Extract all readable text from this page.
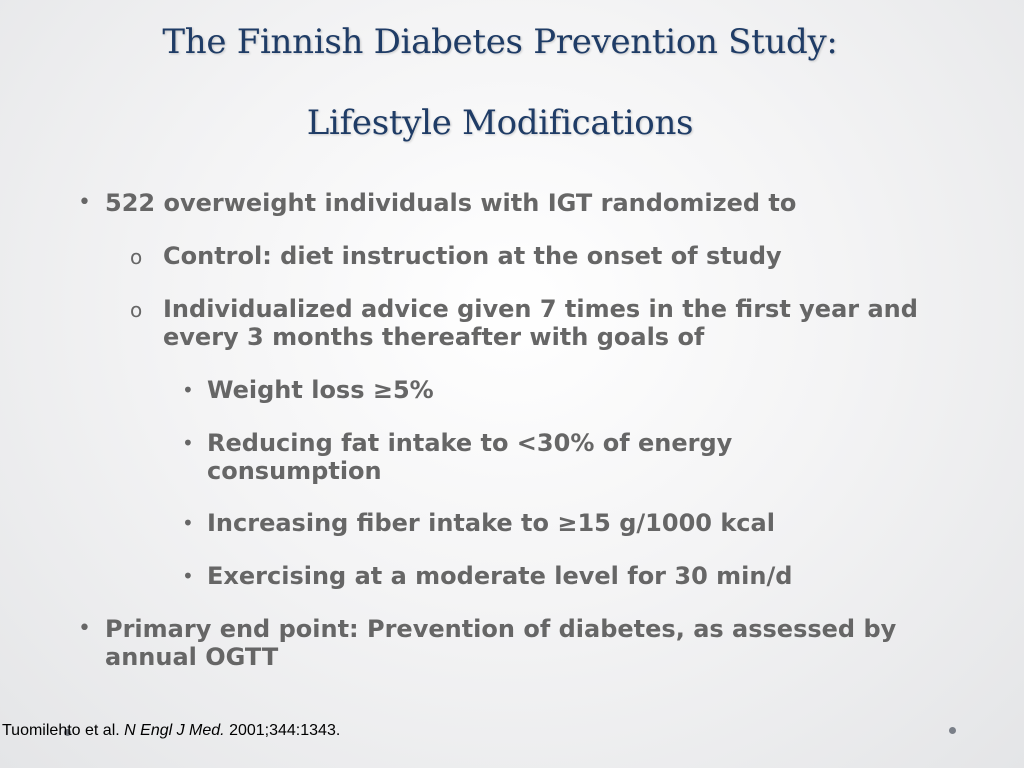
The Finnish Diabetes Prevention Study:
Lifestyle Modifications
• 522 overweight individuals with IGT randomized to
o Control: diet instruction at the onset of study
o Individualized advice given 7 times in the first year and every 3 months thereafter with goals of
• Weight loss ≥5%
• Reducing fat intake to <30% of energy consumption
• Increasing fiber intake to ≥15 g/1000 kcal
• Exercising at a moderate level for 30 min/d
• Primary end point: Prevention of diabetes, as assessed by annual OGTT
Tuomilehto et al. N Engl J Med. 2001;344:1343.
